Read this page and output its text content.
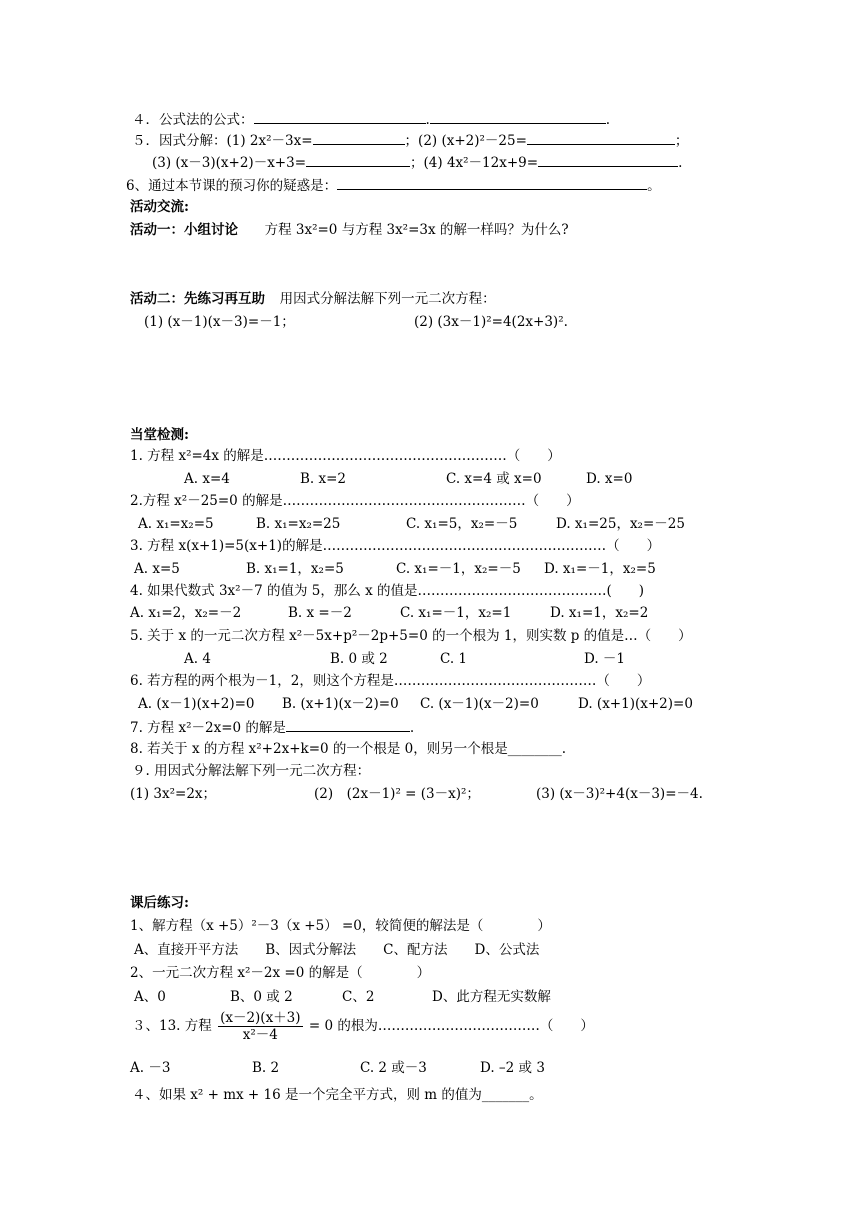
４．公式法的公式：	.	.
５．因式分解：(1) 2x²－3x=	；(2) (x+2)²－25=	；
(3) (x－3)(x+2)－x+3=	；(4) 4x²－12x+9=	.
6、通过本节课的预习你的疑惑是：	。
活动交流:
活动一：小组讨论 方程 3x²=0 与方程 3x²=3x 的解一样吗？为什么?
活动二：先练习再互助 用因式分解法解下列一元二次方程：
(1) (x－1)(x－3)=－1；	(2) (3x－1)²=4(2x+3)².
当堂检测:
1. 方程 x²=4x 的解是………………………………………………（　　）
A. x=4	B. x=2	C. x=4 或 x=0	D. x=0
2.方程 x²－25=0 的解是………………………………………………（　　）
A. x₁=x₂=5	B. x₁=x₂=25	C. x₁=5，x₂=－5	D. x₁=25，x₂=－25
3. 方程 x(x+1)=5(x+1)的解是………………………………………………………（　　）
A. x=5	B. x₁=1，x₂=5	C. x₁=－1，x₂=－5 D. x₁=－1，x₂=5
4. 如果代数式 3x²－7 的值为 5，那么 x 的值是……………………………………(　　)
A. x₁=2，x₂=－2	B. x =－2	C. x₁=－1，x₂=1	D. x₁=1，x₂=2
5. 关于 x 的一元二次方程 x²－5x+p²－2p+5=0 的一个根为 1，则实数 p 的值是…（　　）
A. 4	B. 0 或 2	C. 1	D. －1
6. 若方程的两个根为－1，2，则这个方程是………………………………………（　　）
A. (x－1)(x+2)=0 B. (x+1)(x－2)=0 C. (x－1)(x－2)=0	D. (x+1)(x+2)=0
7. 方程 x²－2x=0 的解是	.
8. 若关于 x 的方程 x²+2x+k=0 的一个根是 0，则另一个根是________.
９. 用因式分解法解下列一元二次方程：
(1) 3x²=2x；	(2)　(2x－1)² = (3－x)²；	(3) (x－3)²+4(x－3)=－4.
课后练习:
1、解方程（x +5）²－3（x +5） =0，较简便的解法是（　　　　）
A、直接开平方法　　B、因式分解法　　C、配方法　　D、公式法
2、一元二次方程 x²－2x =0 的解是（　　　　）
A、0	B、0 或 2	C、2	D、此方程无实数解
３、13. 方程 $\frac{(x-2)(x+3)}{\text{x²－4}} = 0$ 的根为………………………………（　　）
A. －3	B. 2	C. 2 或－3	D. –2 或 3
４、如果 x² + mx + 16 是一个完全平方式，则 m 的值为_______。
